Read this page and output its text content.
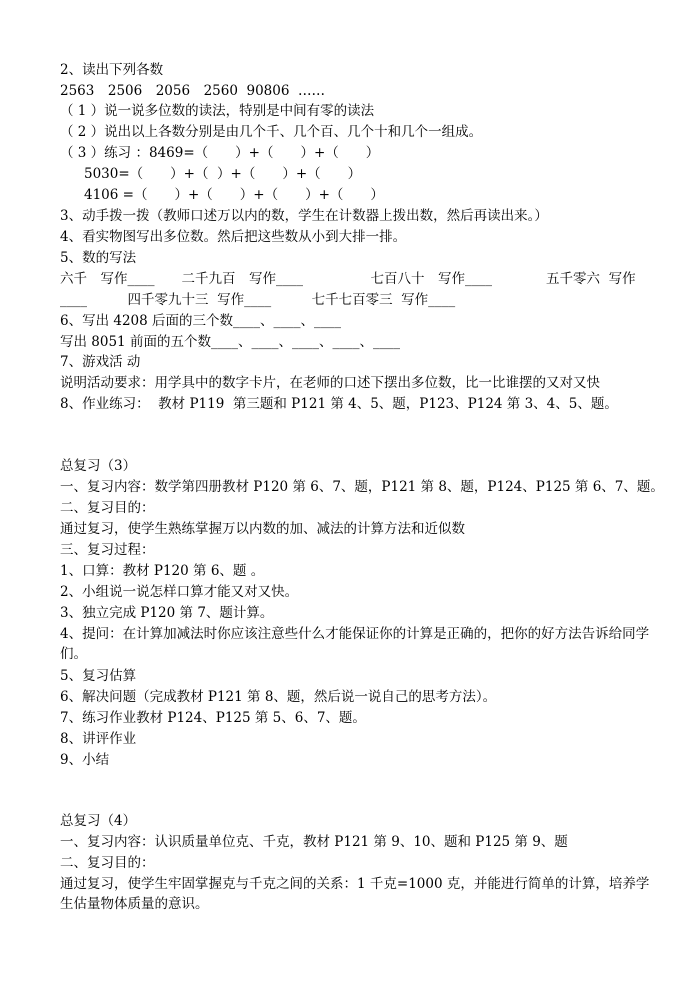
2、读出下列各数

2563　2506　2056　2560  90806  ……

（ 1 ）说一说多位数的读法，特别是中间有零的读法

（ 2 ）说出以上各数分别是由几个千、几个百、几个十和几个一组成。

（ 3 ）练习 ：8469=（　　）+（　　）+（　　）

5030=（　　）+（  ）+（　　）+（　　）

4106 =（　　）+（　　）+（　　）+（　　）

3、动手拨一拨（教师口述万以内的数，学生在计数器上拨出数，然后再读出来。）

4、看实物图写出多位数。然后把这些数从小到大排一排。

5、数的写法

六千　写作____　　二千九百　写作____　　　　　七百八十　写作____　　　　五千零六  写作

____　　　四千零九十三  写作____　　　七千七百零三  写作____

6、写出 4208 后面的三个数____、____、____

写出 8051 前面的五个数____、____、____、____、____

7、游戏活 动

说明活动要求：用学具中的数字卡片，在老师的口述下摆出多位数，比一比谁摆的又对又快

8、作业练习：  教材 P119  第三题和 P121 第 4、5、题，P123、P124 第 3、4、5、题。

总复习（3）

一、复习内容：数学第四册教材 P120 第 6、7、题，P121 第 8、题，P124、P125 第 6、7、题。

二、复习目的：

通过复习，使学生熟练掌握万以内数的加、减法的计算方法和近似数

三、复习过程：

1、口算：教材 P120 第 6、题 。

2、小组说一说怎样口算才能又对又快。

3、独立完成 P120 第 7、题计算。

4、提问：在计算加减法时你应该注意些什么才能保证你的计算是正确的，把你的好方法告诉给同学们。

5、复习估算

6、解决问题（完成教材 P121 第 8、题，然后说一说自己的思考方法）。

7、练习作业教材 P124、P125 第 5、6、7、题。

8、讲评作业

9、小结

总复习（4）

一、复习内容：认识质量单位克、千克，教材 P121 第 9、10、题和 P125 第 9、题

二、复习目的：

通过复习，使学生牢固掌握克与千克之间的关系：1 千克=1000 克，并能进行简单的计算，培养学生估量物体质量的意识。
